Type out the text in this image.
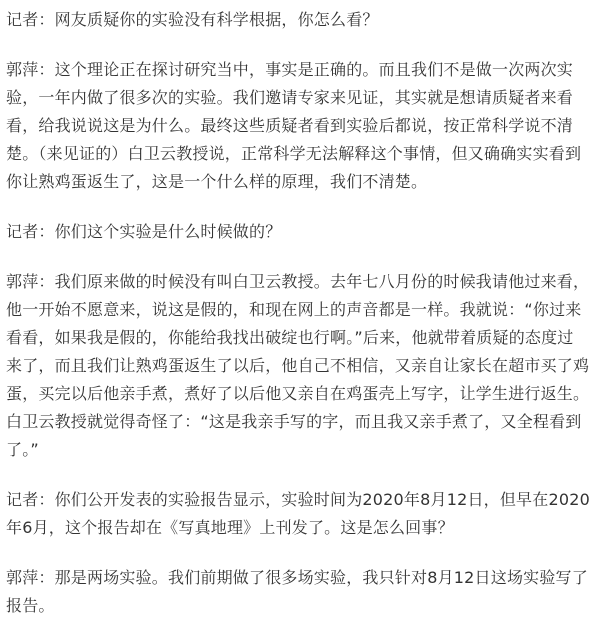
记者：网友质疑你的实验没有科学根据，你怎么看？

郭萍：这个理论正在探讨研究当中，事实是正确的。而且我们不是做一次两次实
验，一年内做了很多次的实验。我们邀请专家来见证，其实就是想请质疑者来看
看，给我说说这是为什么。最终这些质疑者看到实验后都说，按正常科学说不清
楚。（来见证的）白卫云教授说，正常科学无法解释这个事情，但又确确实实看到
你让熟鸡蛋返生了，这是一个什么样的原理，我们不清楚。

记者：你们这个实验是什么时候做的？

郭萍：我们原来做的时候没有叫白卫云教授。去年七八月份的时候我请他过来看，
他一开始不愿意来，说这是假的，和现在网上的声音都是一样。我就说：“你过来
看看，如果我是假的，你能给我找出破绽也行啊。”后来，他就带着质疑的态度过
来了，而且我们让熟鸡蛋返生了以后，他自己不相信，又亲自让家长在超市买了鸡
蛋，买完以后他亲手煮，煮好了以后他又亲自在鸡蛋壳上写字，让学生进行返生。
白卫云教授就觉得奇怪了：“这是我亲手写的字，而且我又亲手煮了，又全程看到
了。”

记者：你们公开发表的实验报告显示，实验时间为2020年8月12日，但早在2020
年6月，这个报告却在《写真地理》上刊发了。这是怎么回事？

郭萍：那是两场实验。我们前期做了很多场实验，我只针对8月12日这场实验写了
报告。
